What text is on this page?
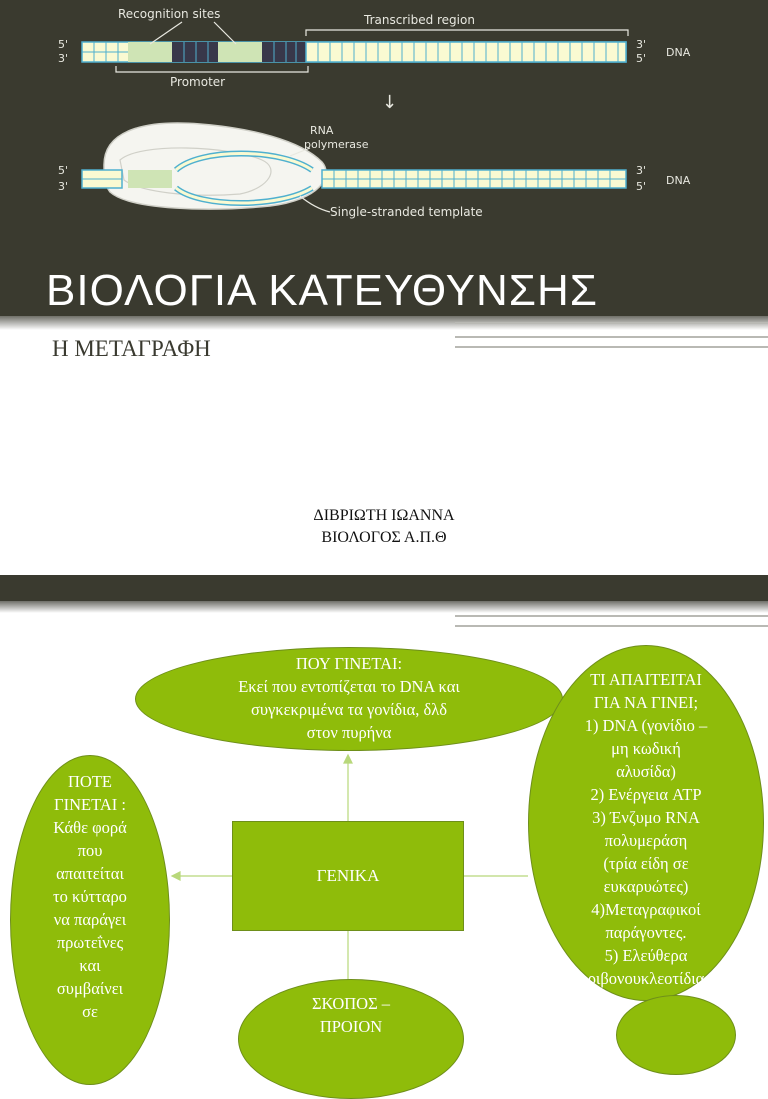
Recognition sites	Transcribed region
Promoter
5'
3'
3'
5' DNA
↓
RNA
polymerase
Single-stranded template
5'
3'
3'
5' DNA
ΒΙΟΛΟΓΙΑ ΚΑΤΕΥΘΥΝΣΗΣ

Η ΜΕΤΑΓΡΑΦΗ

ΔΙΒΡΙΩΤΗ ΙΩΑΝΝΑ
ΒΙΟΛΟΓΟΣ Α.Π.Θ
ΠΟΥ ΓΙΝΕΤΑΙ:
Εκεί που εντοπίζεται το DNA και
συγκεκριμένα τα γονίδια, δλδ
στον πυρήνα
ΠΟΤΕ
ΓΙΝΕΤΑΙ :
Κάθε φορά
που
απαιτείται
το κύτταρο
να παράγει
πρωτεΐνες
και
συμβαίνει
σε
ΓΕΝΙΚΑ
ΤΙ ΑΠΑΙΤΕΙΤΑΙ
ΓΙΑ ΝΑ ΓΙΝΕΙ;
1) DNA (γονίδιο –
μη κωδική
αλυσίδα)
2) Ενέργεια ATP
3) Ένζυμο RNA
πολυμεράση
(τρία είδη σε
ευκαρυώτες)
4)Μεταγραφικοί
παράγοντες.
5) Ελεύθερα
ριβονουκλεοτίδια
ΣΚΟΠΟΣ –
ΠΡΟΙΟΝ
